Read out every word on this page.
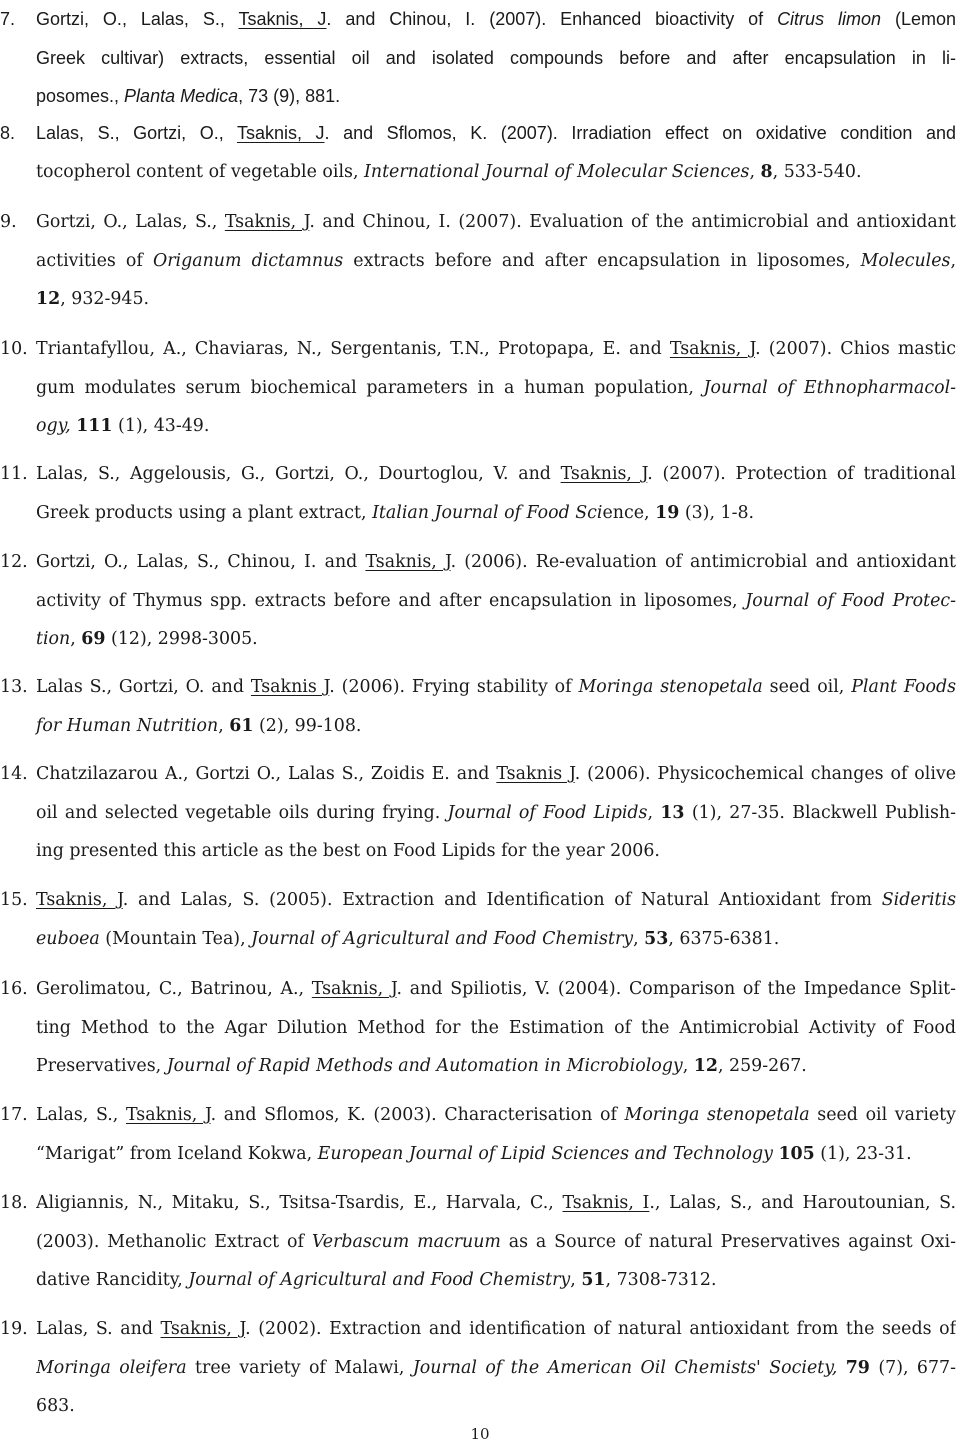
7.	Gortzi, O., Lalas, S., Tsaknis, J. and Chinou, I. (2007). Enhanced bioactivity of Citrus limon (Lemon
Greek cultivar) extracts, essential oil and isolated compounds before and after encapsulation in li-
posomes., Planta Medica, 73 (9), 881.
8.	Lalas, S., Gortzi, O., Tsaknis, J. and Sflomos, K. (2007). Irradiation effect on oxidative condition and
tocopherol content of vegetable oils, International Journal of Molecular Sciences, 8, 533-540.
9.	Gortzi, O., Lalas, S., Tsaknis, J. and Chinou, I. (2007). Evaluation of the antimicrobial and antioxidant
activities of Origanum dictamnus extracts before and after encapsulation in liposomes, Molecules,
12, 932-945.
10. Triantafyllou, A., Chaviaras, N., Sergentanis, T.N., Protopapa, E. and Tsaknis, J. (2007). Chios mastic
gum modulates serum biochemical parameters in a human population, Journal of Ethnopharmacol-
ogy, 111 (1), 43-49.
11. Lalas, S., Aggelousis, G., Gortzi, O., Dourtoglou, V. and Tsaknis, J. (2007). Protection of traditional
Greek products using a plant extract, Italian Journal of Food Science, 19 (3), 1-8.
12. Gortzi, O., Lalas, S., Chinou, I. and Tsaknis, J. (2006). Re-evaluation of antimicrobial and antioxidant
activity of Thymus spp. extracts before and after encapsulation in liposomes, Journal of Food Protec-
tion, 69 (12), 2998-3005.
13. Lalas S., Gortzi, O. and Tsaknis J. (2006). Frying stability of Moringa stenopetala seed oil, Plant Foods
for Human Nutrition, 61 (2), 99-108.
14. Chatzilazarou A., Gortzi O., Lalas S., Zoidis E. and Tsaknis J. (2006). Physicochemical changes of olive
oil and selected vegetable oils during frying. Journal of Food Lipids, 13 (1), 27-35. Blackwell Publish-
ing presented this article as the best on Food Lipids for the year 2006.
15. Tsaknis, J. and Lalas, S. (2005). Extraction and Identification of Natural Antioxidant from Sideritis
euboea (Mountain Tea), Journal of Agricultural and Food Chemistry, 53, 6375-6381.
16. Gerolimatou, C., Batrinou, A., Tsaknis, J. and Spiliotis, V. (2004). Comparison of the Impedance Split-
ting Method to the Agar Dilution Method for the Estimation of the Antimicrobial Activity of Food
Preservatives, Journal of Rapid Methods and Automation in Microbiology, 12, 259-267.
17. Lalas, S., Tsaknis, J. and Sflomos, K. (2003). Characterisation of Moringa stenopetala seed oil variety
“Marigat” from Iceland Kokwa, European Journal of Lipid Sciences and Technology 105 (1), 23-31.
18. Aligiannis, N., Mitaku, S., Tsitsa-Tsardis, E., Harvala, C., Tsaknis, I., Lalas, S., and Haroutounian, S.
(2003). Methanolic Extract of Verbascum macruum as a Source of natural Preservatives against Oxi-
dative Rancidity, Journal of Agricultural and Food Chemistry, 51, 7308-7312.
19. Lalas, S. and Tsaknis, J. (2002). Extraction and identification of natural antioxidant from the seeds of
Moringa oleifera tree variety of Malawi, Journal of the American Oil Chemists' Society, 79 (7), 677-
683.
10
